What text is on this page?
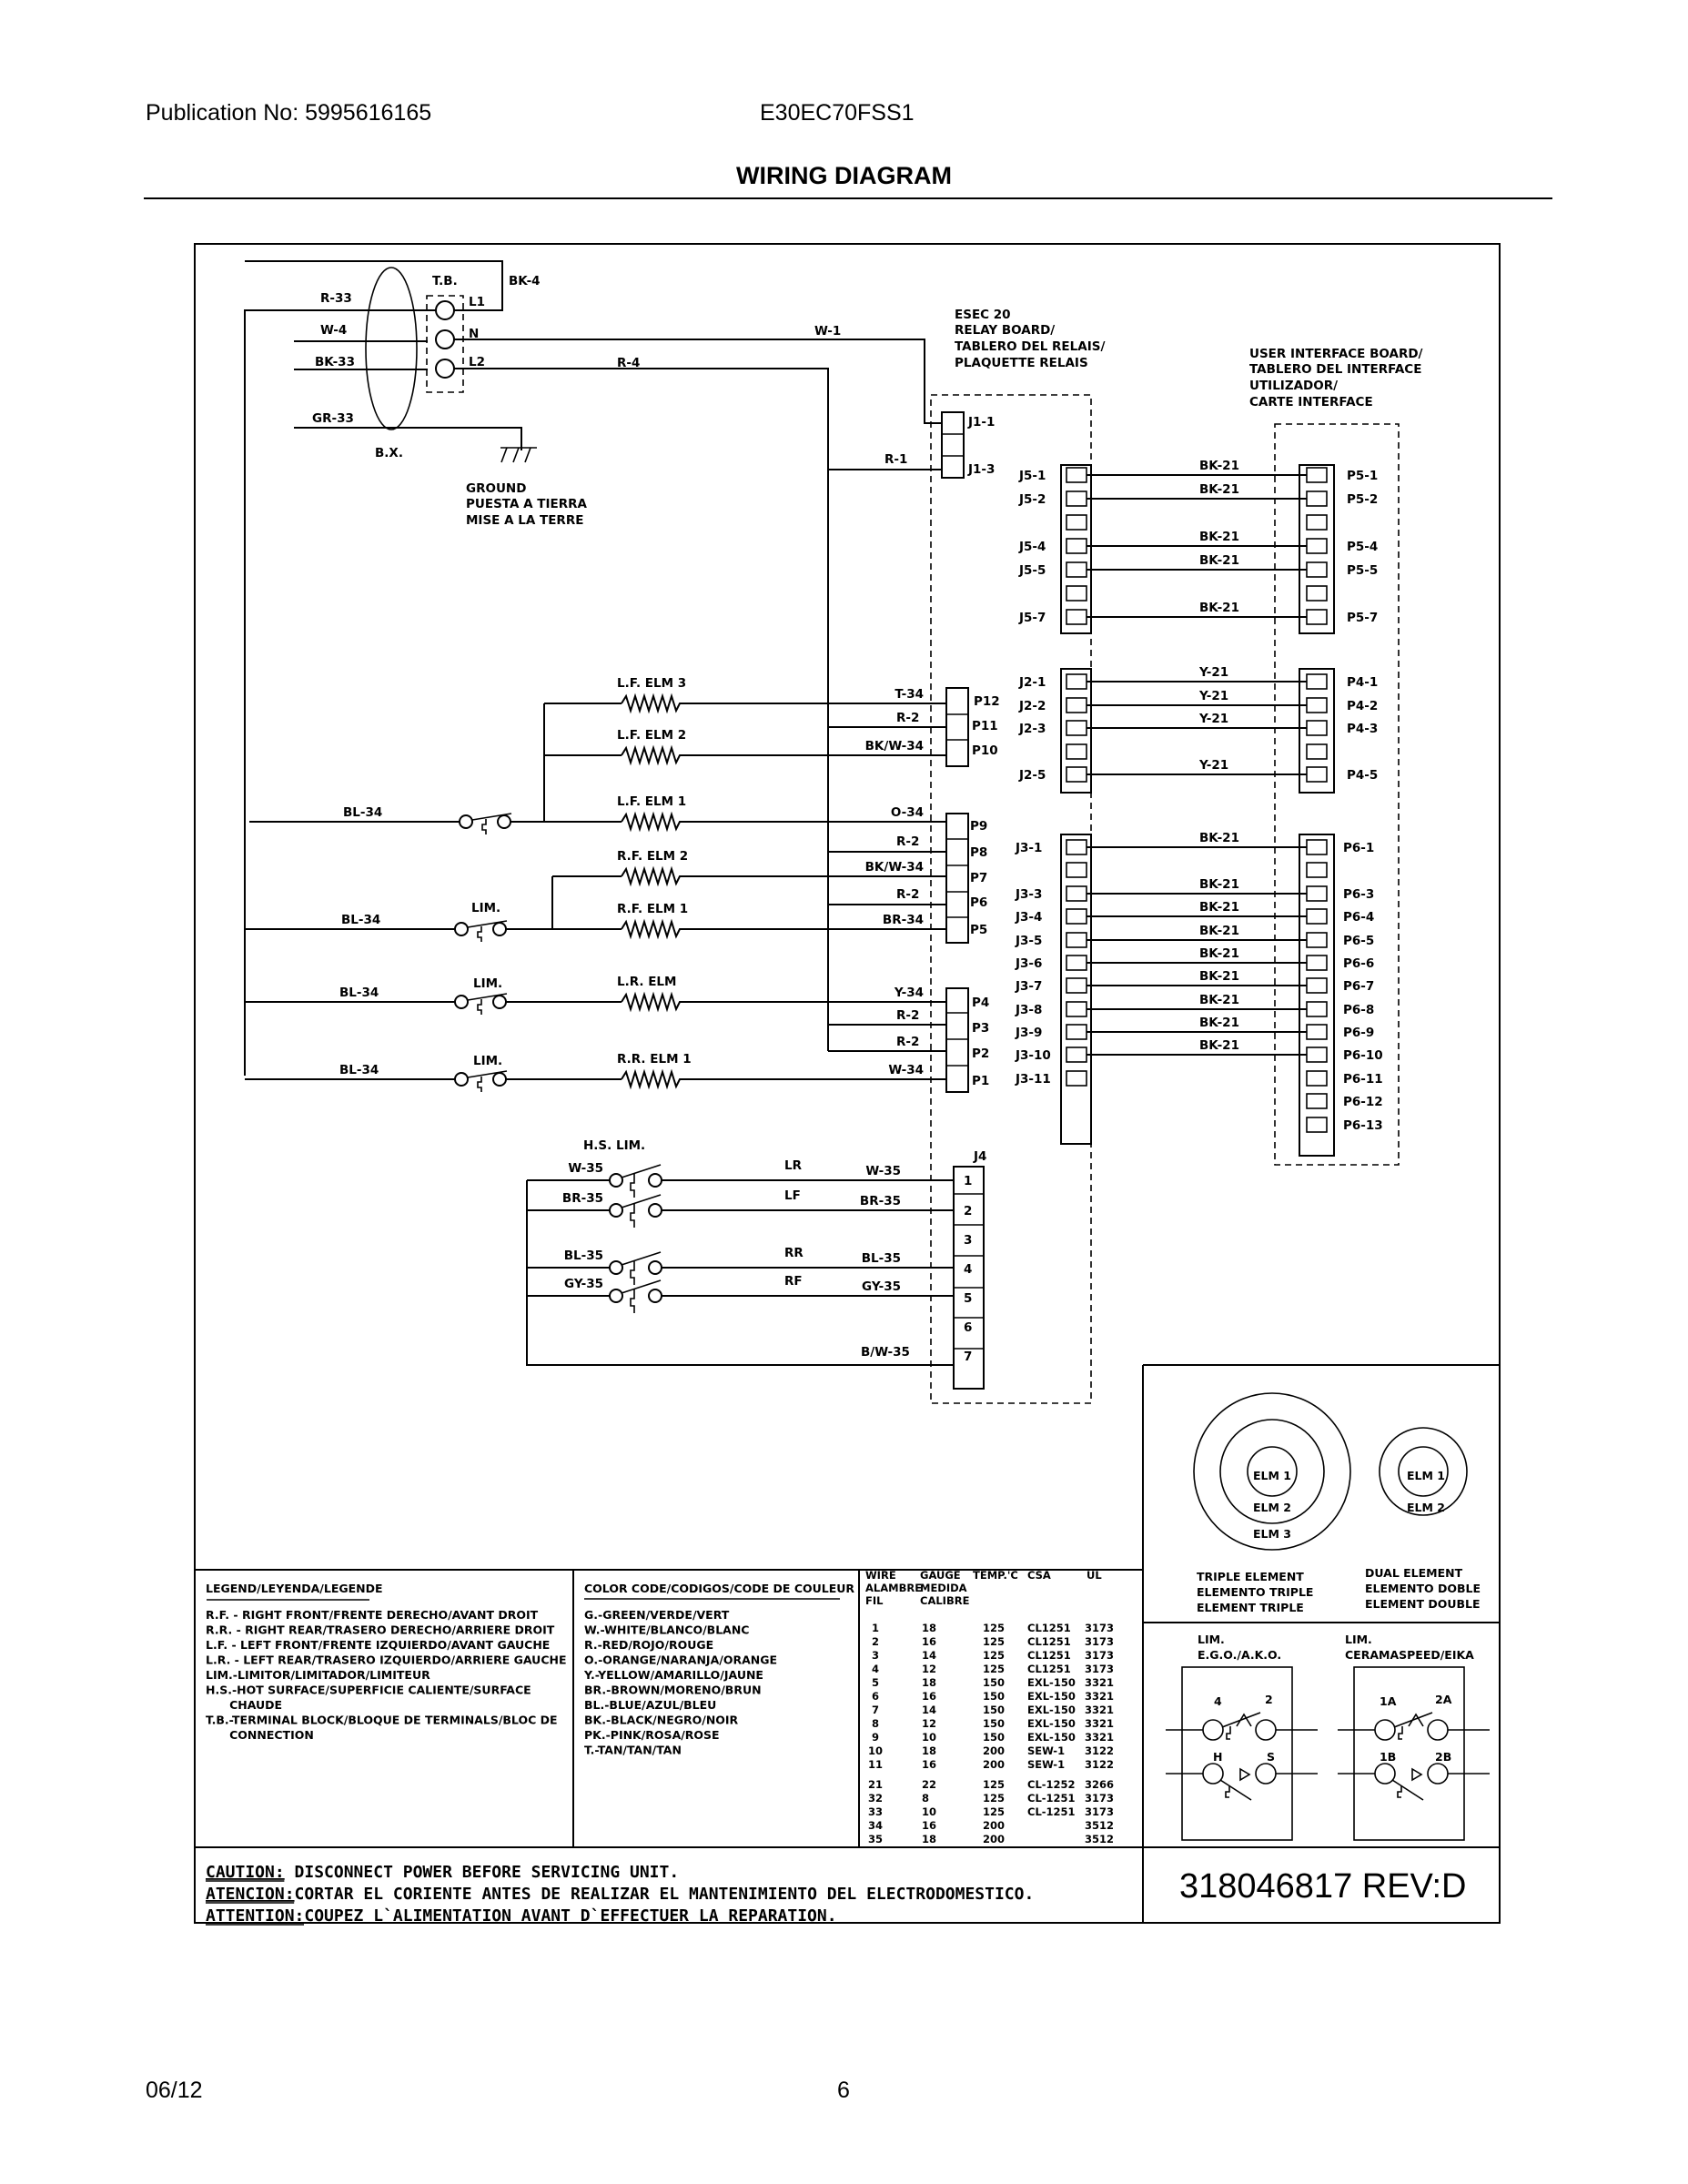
Publication No: 5995616165	E30EC70FSS1
WIRING DIAGRAM
BK-4
T.B.
R-33
W-4
BK-33
GR-33
B.X.
L1
N
L2
GROUND
PUESTA A TIERRA
MISE A LA TERRE
W-1
R-4
R-1
ESEC 20
RELAY BOARD/
TABLERO DEL RELAIS/
PLAQUETTE RELAIS
J1-1
J1-3
P12
P11
P10
P9
P8
P7
P6
P5
P4
P3
P2
P1
J4
1
2
3
4
5
6
7
USER INTERFACE BOARD/
TABLERO DEL INTERFACE
UTILIZADOR/
CARTE INTERFACE
J5-1	P5-1
BK-21
J5-2	P5-2
BK-21
J5-4	P5-4
BK-21
J5-5	P5-5
BK-21
J5-7	P5-7
BK-21
J2-1	P4-1
Y-21
J2-2	P4-2
Y-21
J2-3	P4-3
Y-21
J2-5	P4-5
Y-21
J3-1	P6-1
BK-21
J3-3	P6-3
BK-21
J3-4	P6-4
BK-21
J3-5	P6-5
BK-21
J3-6	P6-6
BK-21
J3-7	P6-7
BK-21
J3-8	P6-8
BK-21
J3-9	P6-9
BK-21
J3-10	P6-10
BK-21
J3-11	P6-11
P6-12
P6-13
BL-34
BL-34
BL-34
BL-34
LIM.
LIM.
LIM.
L.F. ELM 3
T-34
L.F. ELM 2
BK/W-34
L.F. ELM 1
O-34
R.F. ELM 2
BK/W-34
R.F. ELM 1
BR-34
L.R. ELM
Y-34
R.R. ELM 1
W-34
R-2
R-2
R-2
R-2
R-2
H.S. LIM.
W-35	LR	W-35
BR-35	LF	BR-35
BL-35	RR	BL-35
GY-35	RF	GY-35
B/W-35
ELM 1
ELM 2
ELM 3
ELM 1
ELM 2
TRIPLE ELEMENT
ELEMENTO TRIPLE
ELEMENT TRIPLE
DUAL ELEMENT
ELEMENTO DOBLE
ELEMENT DOUBLE
LIM.
E.G.O./A.K.O.
LIM.
CERAMASPEED/EIKA
4	2
H	S
1A	2A
1B	2B
LEGEND/LEYENDA/LEGENDE
R.F. - RIGHT FRONT/FRENTE DERECHO/AVANT DROIT
R.R. - RIGHT REAR/TRASERO DERECHO/ARRIERE DROIT
L.F. - LEFT FRONT/FRENTE IZQUIERDO/AVANT GAUCHE
L.R. - LEFT REAR/TRASERO IZQUIERDO/ARRIERE GAUCHE
LIM.-LIMITOR/LIMITADOR/LIMITEUR
H.S.-HOT SURFACE/SUPERFICIE CALIENTE/SURFACE
CHAUDE
T.B.-TERMINAL BLOCK/BLOQUE DE TERMINALS/BLOC DE
CONNECTION
COLOR CODE/CODIGOS/CODE DE COULEUR
G.-GREEN/VERDE/VERT
W.-WHITE/BLANCO/BLANC
R.-RED/ROJO/ROUGE
O.-ORANGE/NARANJA/ORANGE
Y.-YELLOW/AMARILLO/JAUNE
BR.-BROWN/MORENO/BRUN
BL.-BLUE/AZUL/BLEU
BK.-BLACK/NEGRO/NOIR
PK.-PINK/ROSA/ROSE
T.-TAN/TAN/TAN
WIRE
ALAMBRE
FIL
GAUGE
MEDIDA
CALIBRE
TEMP.'C CSA	UL
1	18	125 CL1251 3173
2	16	125 CL1251 3173
3	14	125 CL1251 3173
4	12	125 CL1251 3173
5	18	150 EXL-150 3321
6	16	150 EXL-150 3321
7	14	150 EXL-150 3321
8	12	150 EXL-150 3321
9	10	150 EXL-150 3321
10	18	200 SEW-1 3122
11	16	200 SEW-1 3122
21	22	125 CL-1252 3266
32	8	125 CL-1251 3173
33	10	125 CL-1251 3173
34	16	200	3512
35	18	200	3512
CAUTION: DISCONNECT POWER BEFORE SERVICING UNIT.
ATENCION:CORTAR EL CORIENTE ANTES DE REALIZAR EL MANTENIMIENTO DEL ELECTRODOMESTICO.
ATTENTION:COUPEZ L`ALIMENTATION AVANT D`EFFECTUER LA REPARATION.
318046817 REV:D
06/12	6
